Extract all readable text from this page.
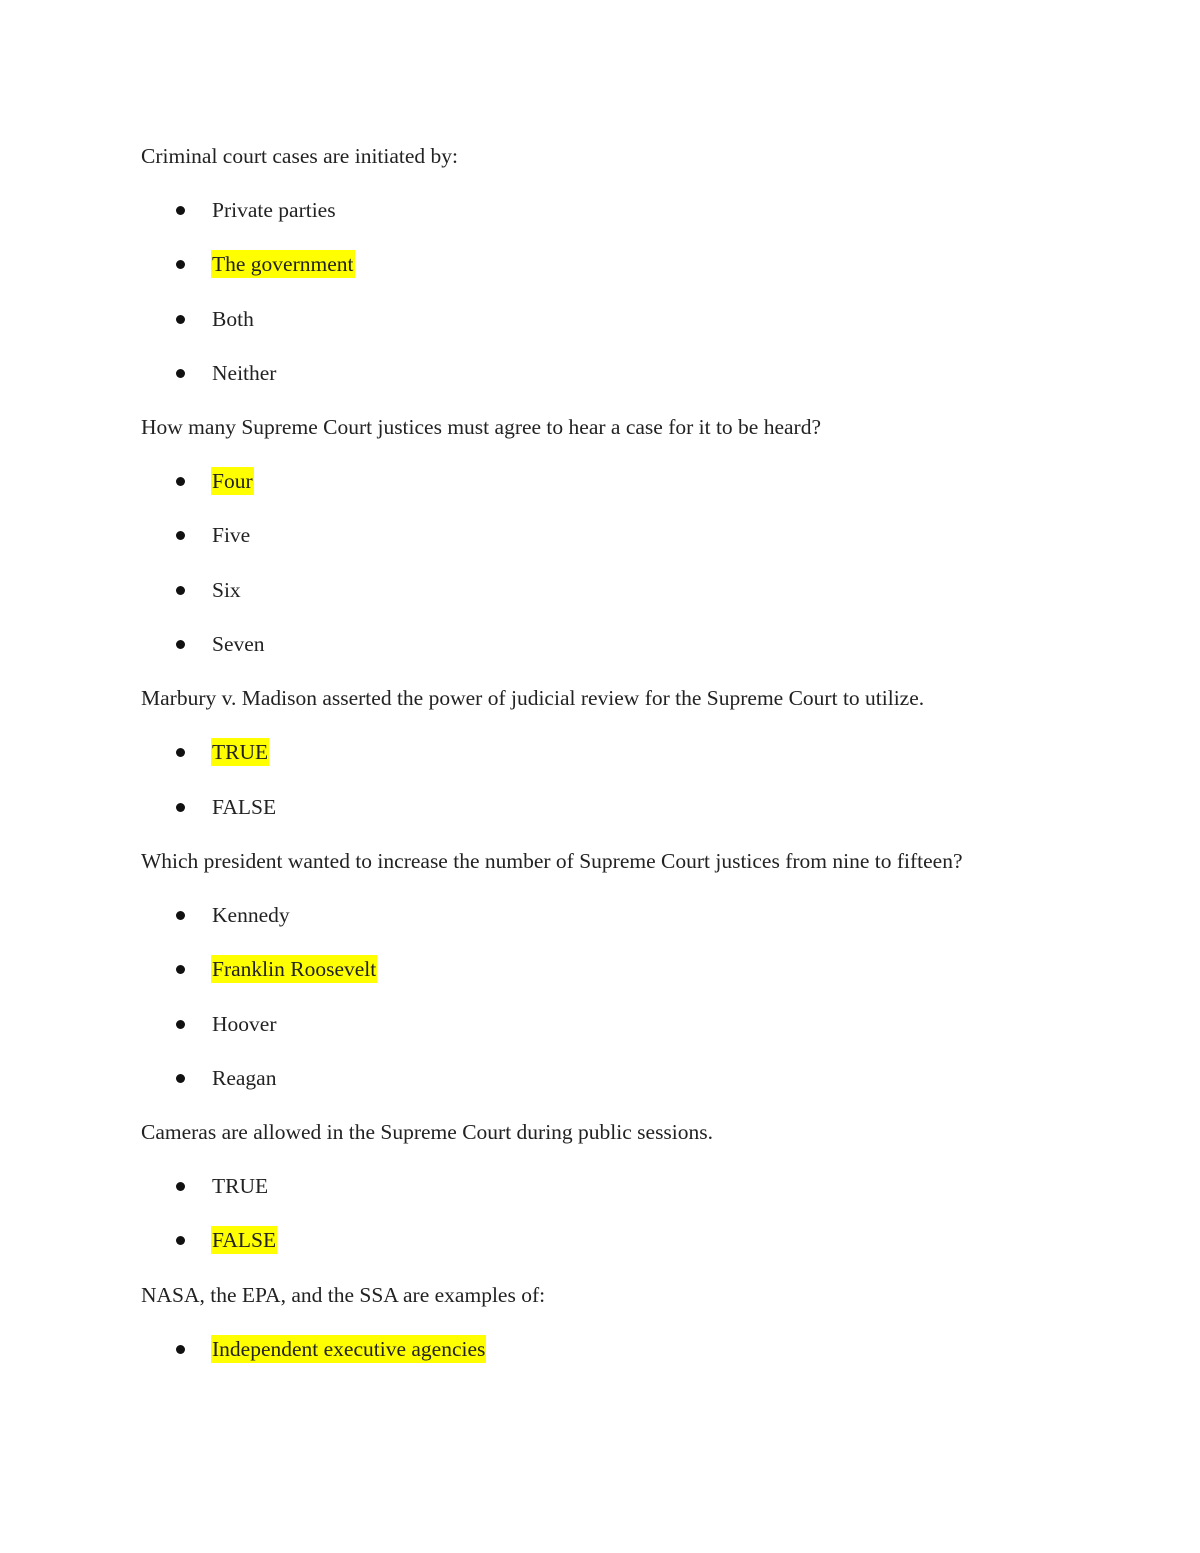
Criminal court cases are initiated by:

Private parties
The government
Both
Neither

How many Supreme Court justices must agree to hear a case for it to be heard?

Four
Five
Six
Seven

Marbury v. Madison asserted the power of judicial review for the Supreme Court to utilize.

TRUE
FALSE

Which president wanted to increase the number of Supreme Court justices from nine to fifteen?

Kennedy
Franklin Roosevelt
Hoover
Reagan

Cameras are allowed in the Supreme Court during public sessions.

TRUE
FALSE

NASA, the EPA, and the SSA are examples of:

Independent executive agencies
